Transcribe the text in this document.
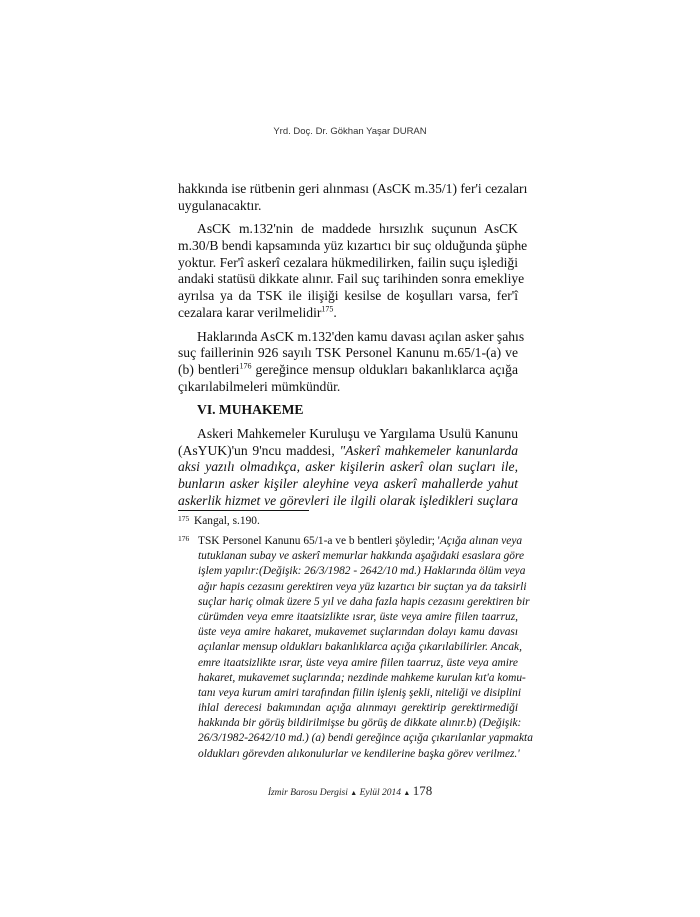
Yrd. Doç. Dr. Gökhan Yaşar DURAN
hakkında ise rütbenin geri alınması (AsCK m.35/1) fer'i cezaları
uygulanacaktır.
AsCK m.132'nin de maddede hırsızlık suçunun AsCK
m.30/B bendi kapsamında yüz kızartıcı bir suç olduğunda şüphe
yoktur. Fer'î askerî cezalara hükmedilirken, failin suçu işlediği
andaki statüsü dikkate alınır. Fail suç tarihinden sonra emekliye
ayrılsa ya da TSK ile ilişiği kesilse de koşulları varsa, fer'î
cezalara karar verilmelidir$^{175}$.
Haklarında AsCK m.132'den kamu davası açılan asker şahıs
suç faillerinin 926 sayılı TSK Personel Kanunu m.65/1-(a) ve
(b) bentleri$^{176}$ gereğince mensup oldukları bakanlıklarca açığa
çıkarılabilmeleri mümkündür.
VI. MUHAKEME
Askeri Mahkemeler Kuruluşu ve Yargılama Usulü Kanunu
(AsYUK)'un 9'ncu maddesi, "Askerî mahkemeler kanunlarda
aksi yazılı olmadıkça, asker kişilerin askerî olan suçları ile,
bunların asker kişiler aleyhine veya askerî mahallerde yahut
askerlik hizmet ve görevleri ile ilgili olarak işledikleri suçlara
175 Kangal, s.190.
176 TSK Personel Kanunu 65/1-a ve b bentleri şöyledir; 'Açığa alınan veya
tutuklanan subay ve askerî memurlar hakkında aşağıdaki esaslara göre
işlem yapılır:(Değişik: 26/3/1982 - 2642/10 md.) Haklarında ölüm veya
ağır hapis cezasını gerektiren veya yüz kızartıcı bir suçtan ya da taksirli
suçlar hariç olmak üzere 5 yıl ve daha fazla hapis cezasını gerektiren bir
cürümden veya emre itaatsizlikte ısrar, üste veya amire fiilen taarruz,
üste veya amire hakaret, mukavemet suçlarından dolayı kamu davası
açılanlar mensup oldukları bakanlıklarca açığa çıkarılabilirler. Ancak,
emre itaatsizlikte ısrar, üste veya amire fiilen taarruz, üste veya amire
hakaret, mukavemet suçlarında; nezdinde mahkeme kurulan kıt'a komu-
tanı veya kurum amiri tarafından fiilin işleniş şekli, niteliği ve disiplini
ihlal derecesi bakımından açığa alınmayı gerektirip gerektirmediği
hakkında bir görüş bildirilmişse bu görüş de dikkate alınır.b) (Değişik:
26/3/1982-2642/10 md.) (a) bendi gereğince açığa çıkarılanlar yapmakta
oldukları görevden alıkonulurlar ve kendilerine başka görev verilmez.'
İzmir Barosu Dergisi ▲ Eylül 2014 ▲ 178
